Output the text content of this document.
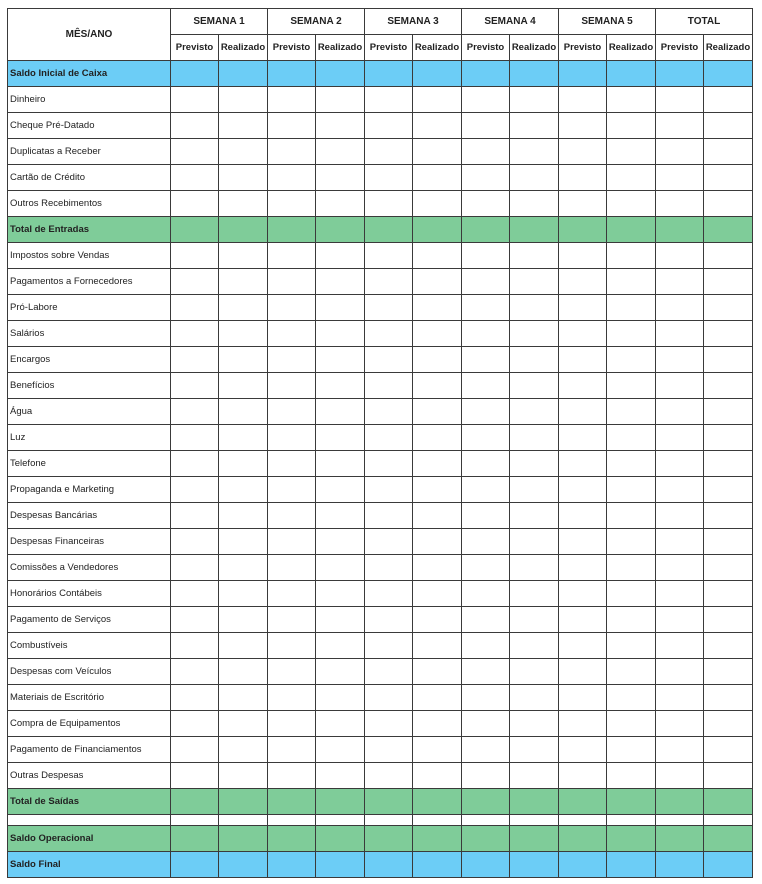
MÊS/ANO	SEMANA 1		SEMANA 2		SEMANA 3		SEMANA 4		SEMANA 5		TOTAL	
	Previsto	Realizado	Previsto	Realizado	Previsto	Realizado	Previsto	Realizado	Previsto	Realizado	Previsto	Realizado
Saldo Inicial de Caixa												
Dinheiro												
Cheque Pré-Datado												
Duplicatas a Receber												
Cartão de Crédito												
Outros Recebimentos												
Total de Entradas												
Impostos sobre Vendas												
Pagamentos a Fornecedores												
Pró-Labore												
Salários												
Encargos												
Benefícios												
Água												
Luz												
Telefone												
Propaganda e Marketing												
Despesas Bancárias												
Despesas Financeiras												
Comissões a Vendedores												
Honorários Contábeis												
Pagamento de Serviços												
Combustíveis												
Despesas com Veículos												
Materiais de Escritório												
Compra de Equipamentos												
Pagamento de Financiamentos												
Outras Despesas												
Total de Saídas												

Saldo Operacional												
Saldo Final												
